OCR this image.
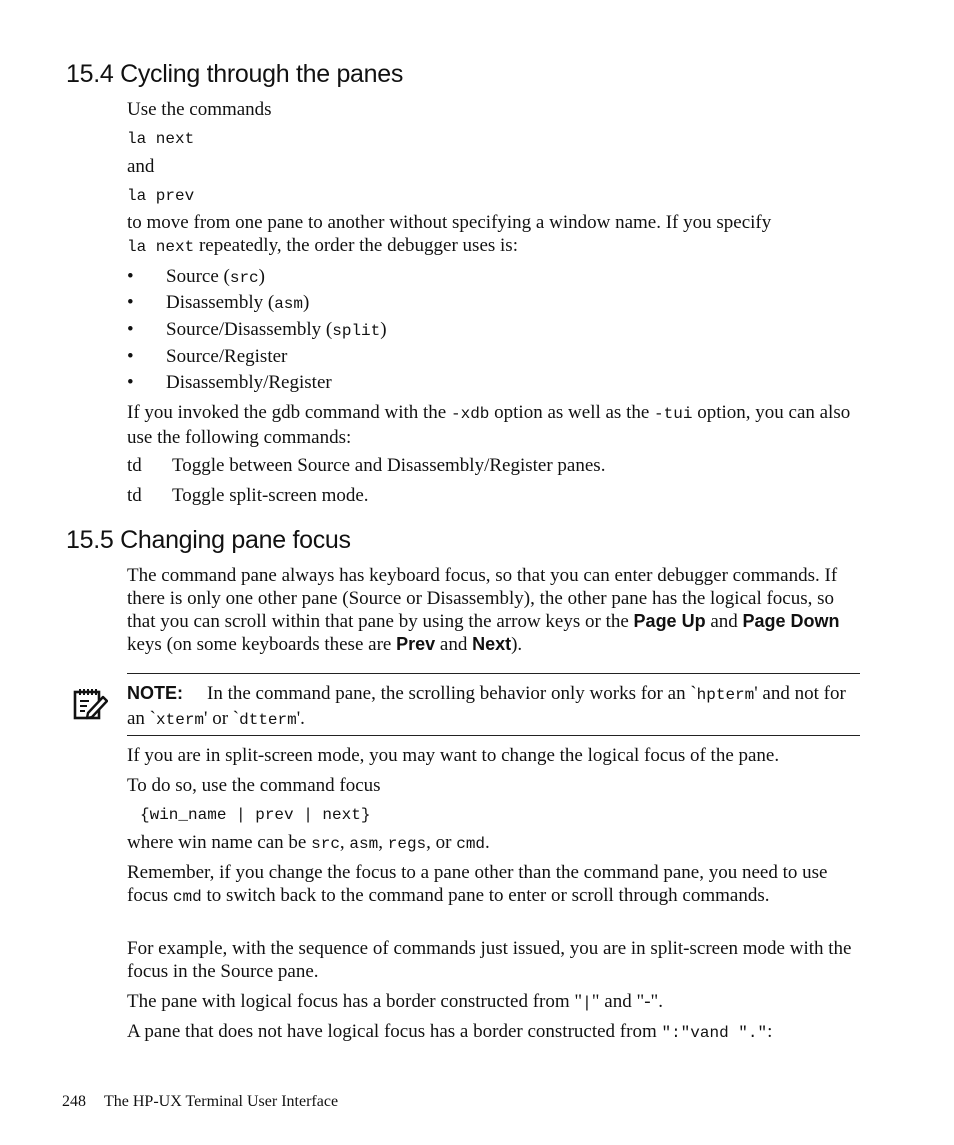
15.4 Cycling through the panes

Use the commands

la next

and

la prev

to move from one pane to another without specifying a window name. If you specify
la next repeatedly, the order the debugger uses is:

• Source (src)
• Disassembly (asm)
• Source/Disassembly (split)
• Source/Register
• Disassembly/Register

If you invoked the gdb command with the -xdb option as well as the -tui option, you can also use the following commands:

td Toggle between Source and Disassembly/Register panes.
td Toggle split-screen mode.
15.5 Changing pane focus

The command pane always has keyboard focus, so that you can enter debugger commands. If there is only one other pane (Source or Disassembly), the other pane has the logical focus, so that you can scroll within that pane by using the arrow keys or the Page Up and Page Down keys (on some keyboards these are Prev and Next).

NOTE: In the command pane, the scrolling behavior only works for an `hpterm' and not for an `xterm' or `dtterm'.

If you are in split-screen mode, you may want to change the logical focus of the pane.

To do so, use the command focus

{win_name | prev | next}

where win name can be src, asm, regs, or cmd.

Remember, if you change the focus to a pane other than the command pane, you need to use focus cmd to switch back to the command pane to enter or scroll through commands.

For example, with the sequence of commands just issued, you are in split-screen mode with the focus in the Source pane.

The pane with logical focus has a border constructed from "|" and "-".

A pane that does not have logical focus has a border constructed from ":"vand ".":

248 The HP-UX Terminal User Interface
